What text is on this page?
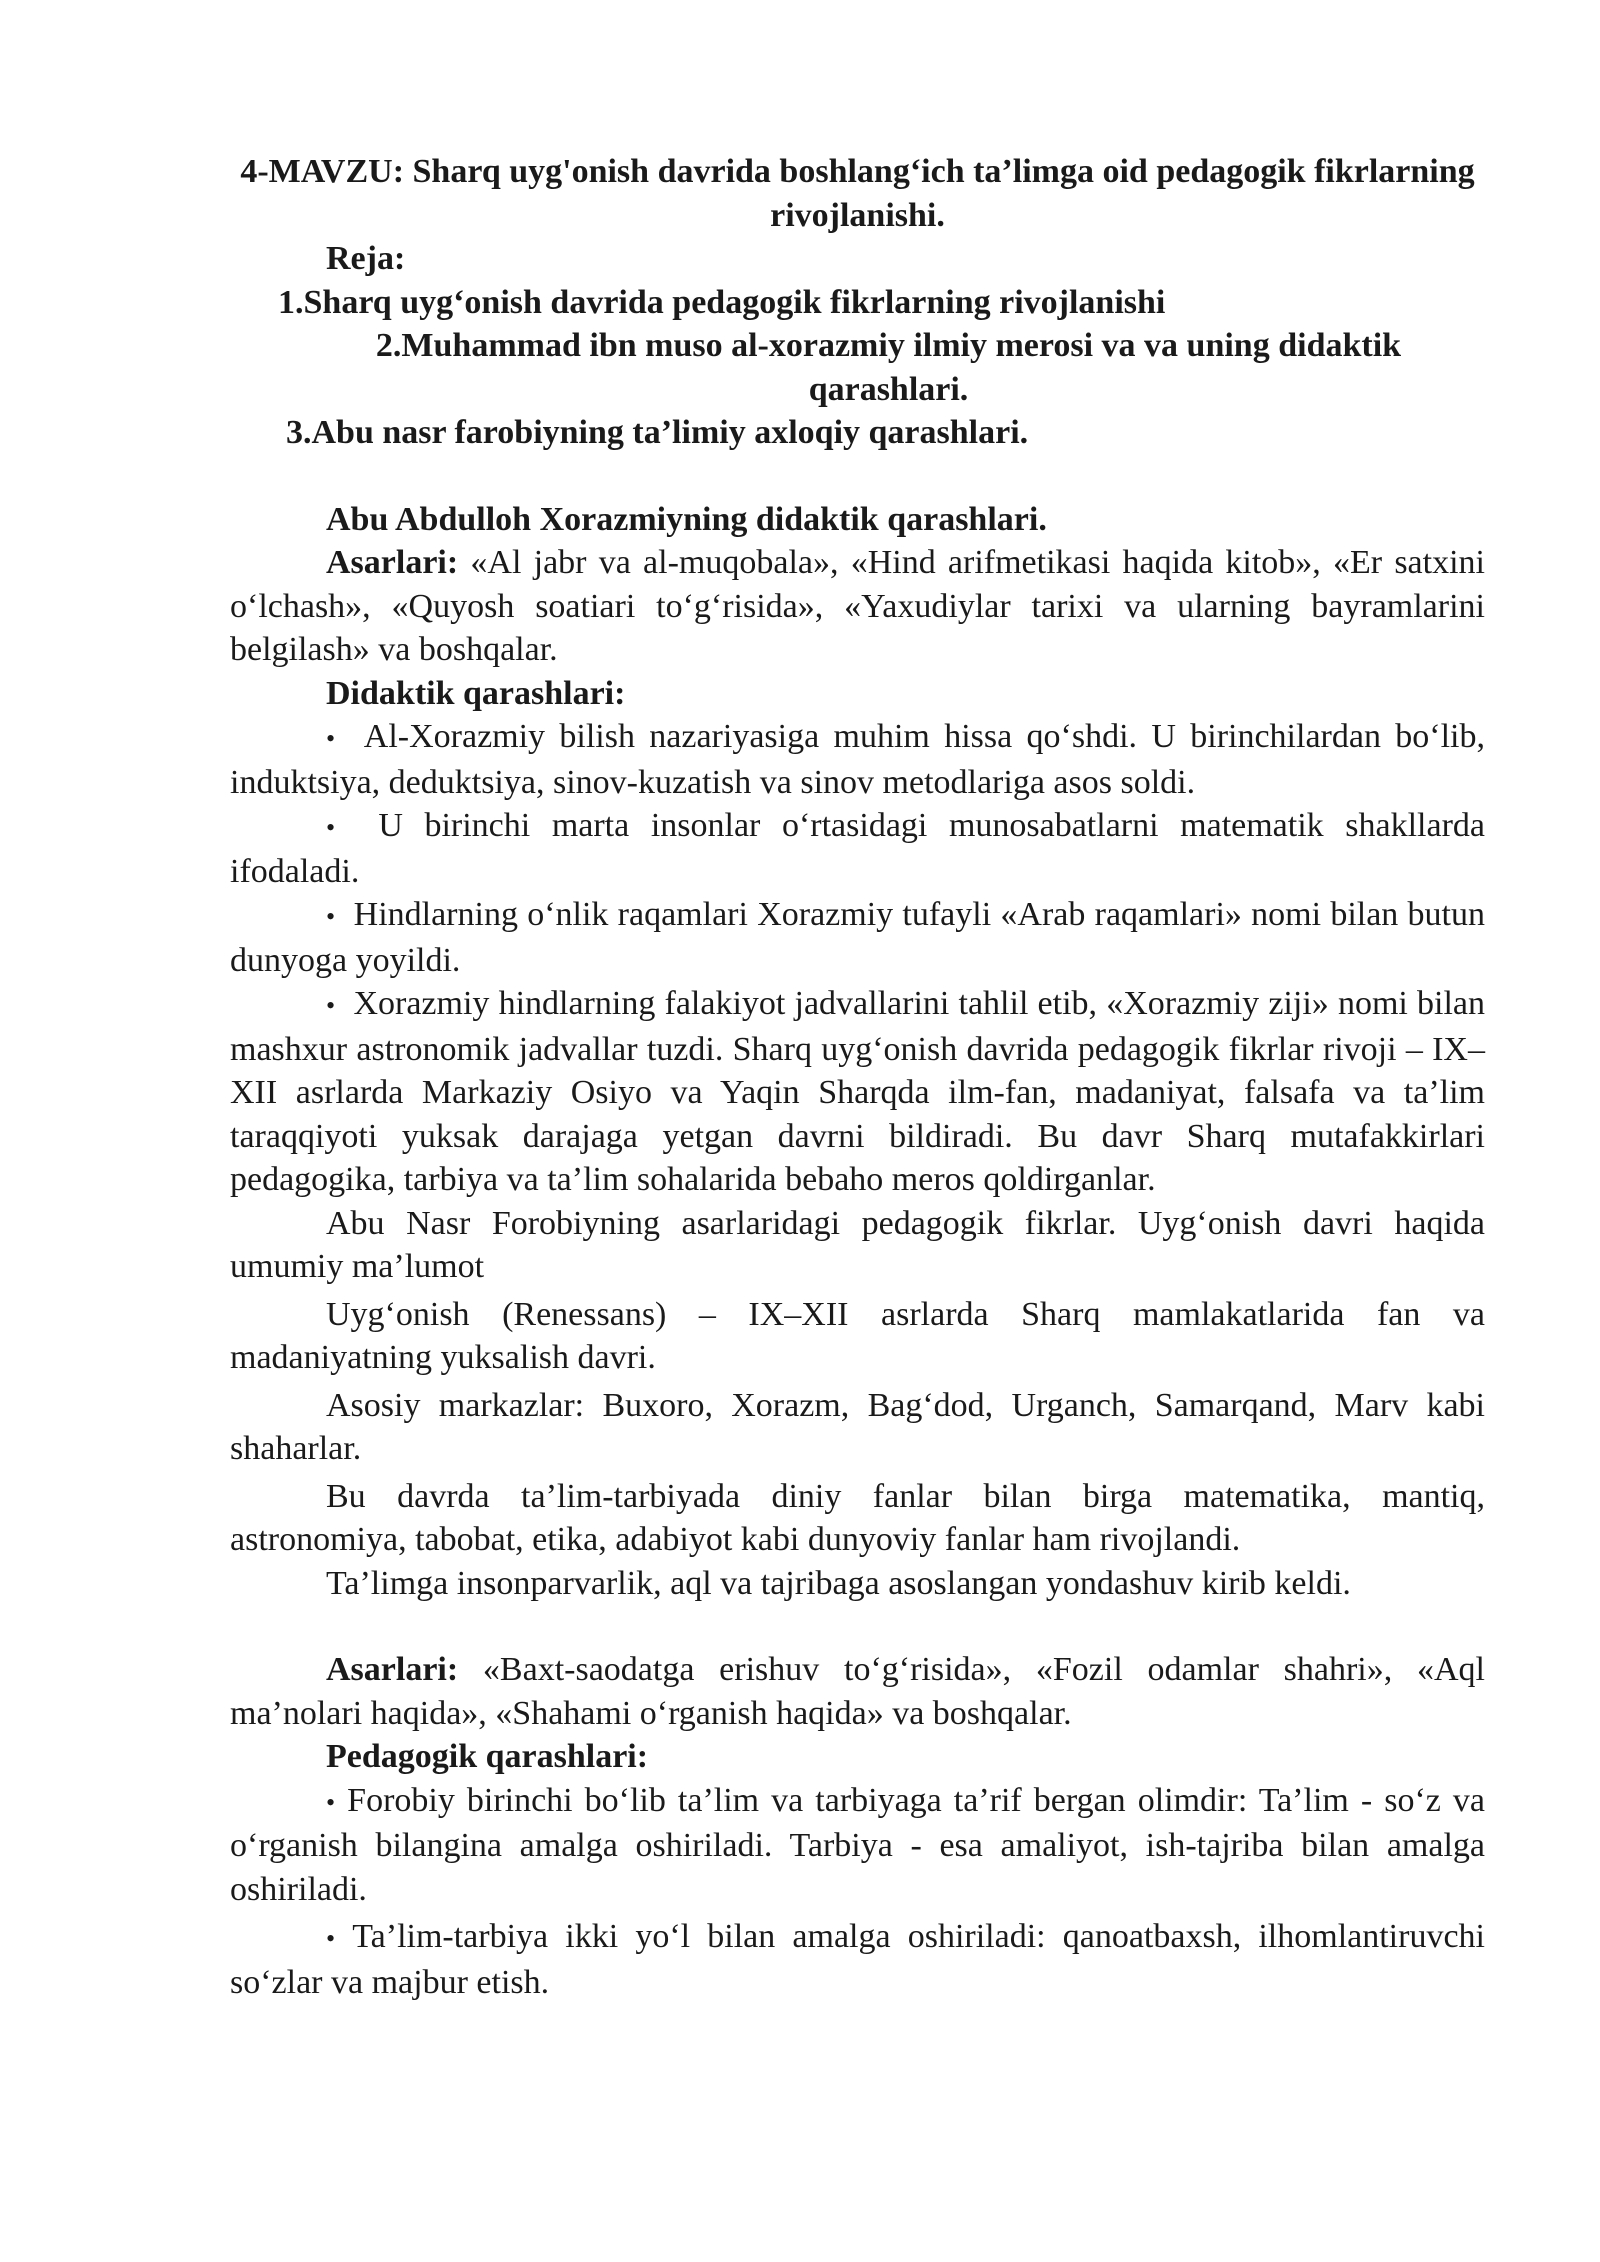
4-MAVZU: Sharq uyg'onish davrida boshlang‘ich ta’limga oid pedagogik fikrlarning rivojlanishi.

Reja:

1.Sharq uyg‘onish davrida pedagogik fikrlarning rivojlanishi

2.Muhammad ibn muso al-xorazmiy ilmiy merosi va va uning didaktik qarashlari.

3.Abu nasr farobiyning ta’limiy axloqiy qarashlari.

Abu Abdulloh Xorazmiyning didaktik qarashlari.

Asarlari: «Al jabr va al-muqobala», «Hind arifmetikasi haqida kitob», «Er satxini o‘lchash», «Quyosh soatiari to‘g‘risida», «Yaxudiylar tarixi va ularning bayramlarini belgilash» va boshqalar.

Didaktik qarashlari:

• Al-Xorazmiy bilish nazariyasiga muhim hissa qo‘shdi. U birinchilardan bo‘lib, induktsiya, deduktsiya, sinov-kuzatish va sinov metodlariga asos soldi.

• U birinchi marta insonlar o‘rtasidagi munosabatlarni matematik shakllarda ifodaladi.

• Hindlarning o‘nlik raqamlari Xorazmiy tufayli «Arab raqamlari» nomi bilan butun dunyoga yoyildi.

• Xorazmiy hindlarning falakiyot jadvallarini tahlil etib, «Xorazmiy ziji» nomi bilan mashxur astronomik jadvallar tuzdi. Sharq uyg‘onish davrida pedagogik fikrlar rivoji – IX–XII asrlarda Markaziy Osiyo va Yaqin Sharqda ilm-fan, madaniyat, falsafa va ta’lim taraqqiyoti yuksak darajaga yetgan davrni bildiradi. Bu davr Sharq mutafakkirlari pedagogika, tarbiya va ta’lim sohalarida bebaho meros qoldirganlar.

Abu Nasr Forobiyning asarlaridagi pedagogik fikrlar. Uyg‘onish davri haqida umumiy ma’lumot

Uyg‘onish (Renessans) – IX–XII asrlarda Sharq mamlakatlarida fan va madaniyatning yuksalish davri.

Asosiy markazlar: Buxoro, Xorazm, Bag‘dod, Urganch, Samarqand, Marv kabi shaharlar.

Bu davrda ta’lim-tarbiyada diniy fanlar bilan birga matematika, mantiq, astronomiya, tabobat, etika, adabiyot kabi dunyoviy fanlar ham rivojlandi.

Ta’limga insonparvarlik, aql va tajribaga asoslangan yondashuv kirib keldi.

Asarlari: «Baxt-saodatga erishuv to‘g‘risida», «Fozil odamlar shahri», «Aql ma’nolari haqida», «Shahami o‘rganish haqida» va boshqalar.

Pedagogik qarashlari:

• Forobiy birinchi bo‘lib ta’lim va tarbiyaga ta’rif bergan olimdir: Ta’lim - so‘z va o‘rganish bilangina amalga oshiriladi. Tarbiya - esa amaliyot, ish-tajriba bilan amalga oshiriladi.

• Ta’lim-tarbiya ikki yo‘l bilan amalga oshiriladi: qanoatbaxsh, ilhomlantiruvchi so‘zlar va majbur etish.
